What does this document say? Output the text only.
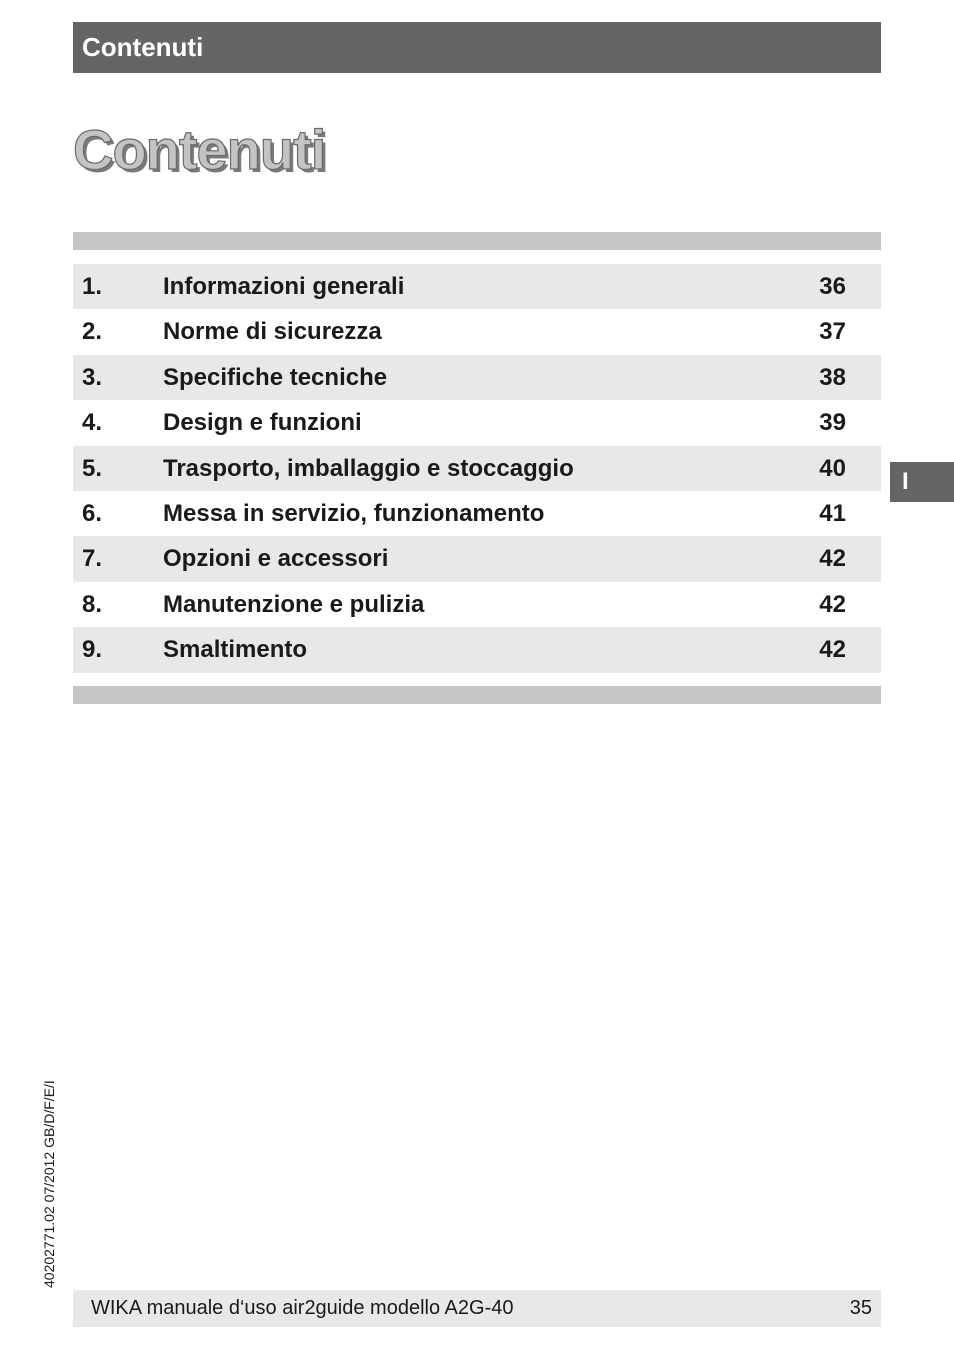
Contenuti
Contenuti
1.	Informazioni generali	36
2.	Norme di sicurezza	37
3.	Specifiche tecniche	38
4.	Design e funzioni	39
5.	Trasporto, imballaggio e stoccaggio	40
6.	Messa in servizio, funzionamento	41
7.	Opzioni e accessori	42
8.	Manutenzione e pulizia	42
9.	Smaltimento	42
I
40202771.02 07/2012 GB/D/F/E/I
WIKA manuale d‘uso air2guide modello A2G-40	35
